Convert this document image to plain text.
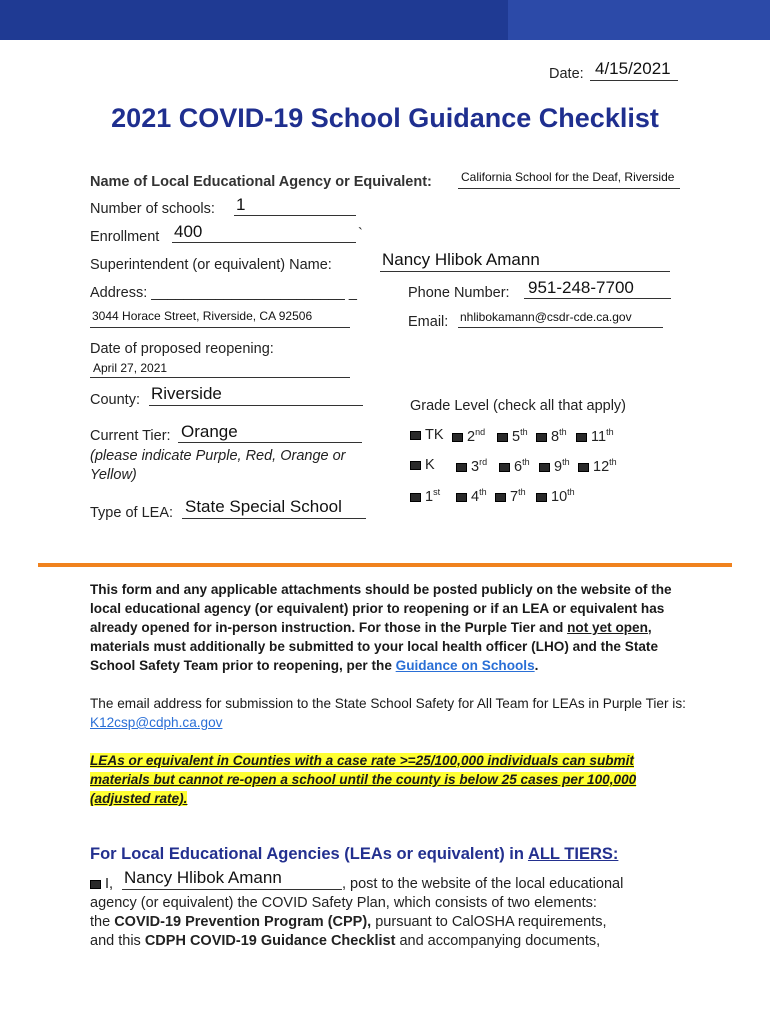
Date: 4/15/2021
2021 COVID-19 School Guidance Checklist
Name of Local Educational Agency or Equivalent: California School for the Deaf, Riverside
Number of schools: 1
Enrollment 400	`
Superintendent (or equivalent) Name:	Nancy Hlibok Amann
Address: ________________________ _
3044 Horace Street, Riverside, CA 92506
Phone Number: 951-248-7700
Email: nhlibokamann@csdr-cde.ca.gov
Date of proposed reopening:
April 27, 2021
County: Riverside
Current Tier: Orange
(please indicate Purple, Red, Orange or
Yellow)
Type of LEA: State Special School
Grade Level (check all that apply)
TK	2nd	5th	8th	11th
K	3rd	6th	9th	12th
1st	4th	7th	10th
This form and any applicable attachments should be posted publicly on the website of the local educational agency (or equivalent) prior to reopening or if an LEA or equivalent has already opened for in-person instruction. For those in the Purple Tier and not yet open, materials must additionally be submitted to your local health officer (LHO) and the State School Safety Team prior to reopening, per the Guidance on Schools.
The email address for submission to the State School Safety for All Team for LEAs in Purple Tier is:
K12csp@cdph.ca.gov
LEAs or equivalent in Counties with a case rate >=25/100,000 individuals can submit materials but cannot re-open a school until the county is below 25 cases per 100,000 (adjusted rate).
For Local Educational Agencies (LEAs or equivalent) in ALL TIERS:
I, Nancy Hlibok Amann	, post to the website of the local educational
agency (or equivalent) the COVID Safety Plan, which consists of two elements:
the COVID-19 Prevention Program (CPP), pursuant to CalOSHA requirements,
and this CDPH COVID-19 Guidance Checklist and accompanying documents,
